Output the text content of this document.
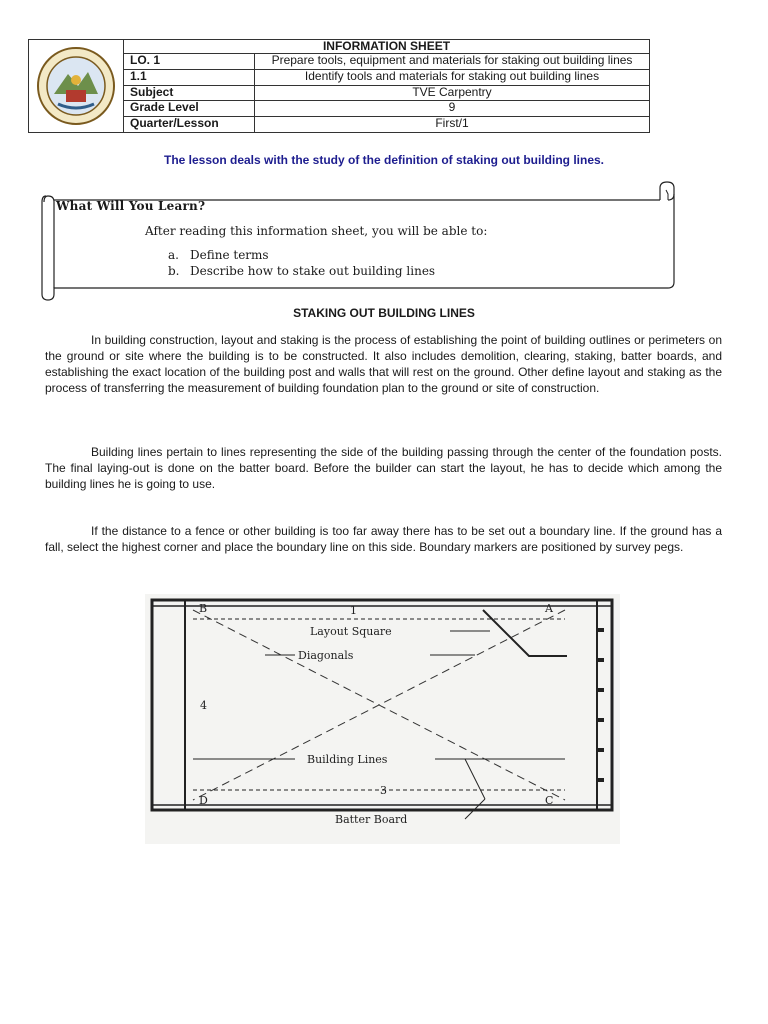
	INFORMATION SHEET	
	LO. 1	Prepare tools, equipment and materials for staking out building lines
	1.1	Identify tools and materials for staking out building lines
	Subject	TVE Carpentry
	Grade Level	9
	Quarter/Lesson	First/1
The lesson deals with the study of the definition of staking out building lines.
What Will You Learn?
After reading this information sheet, you will be able to:
a. Define terms
b. Describe how to stake out building lines
STAKING OUT BUILDING LINES

In building construction, layout and staking is the process of establishing the point of building outlines or perimeters on the ground or site where the building is to be constructed. It also includes demolition, clearing, staking, batter boards, and establishing the exact location of the building post and walls that will rest on the ground. Other define layout and staking as the process of transferring the measurement of building foundation plan to the ground or site of construction.

Building lines pertain to lines representing the side of the building passing through the center of the foundation posts. The final laying-out is done on the batter board. Before the builder can start the layout, he has to decide which among the building lines he is going to use.

If the distance to a fence or other building is too far away there has to be set out a boundary line. If the ground has a fall, select the highest corner and place the boundary line on this side. Boundary markers are positioned by survey pegs.

B	A
D	C
1
4
3
Layout Square
Diagonals
Building Lines
Batter Board
